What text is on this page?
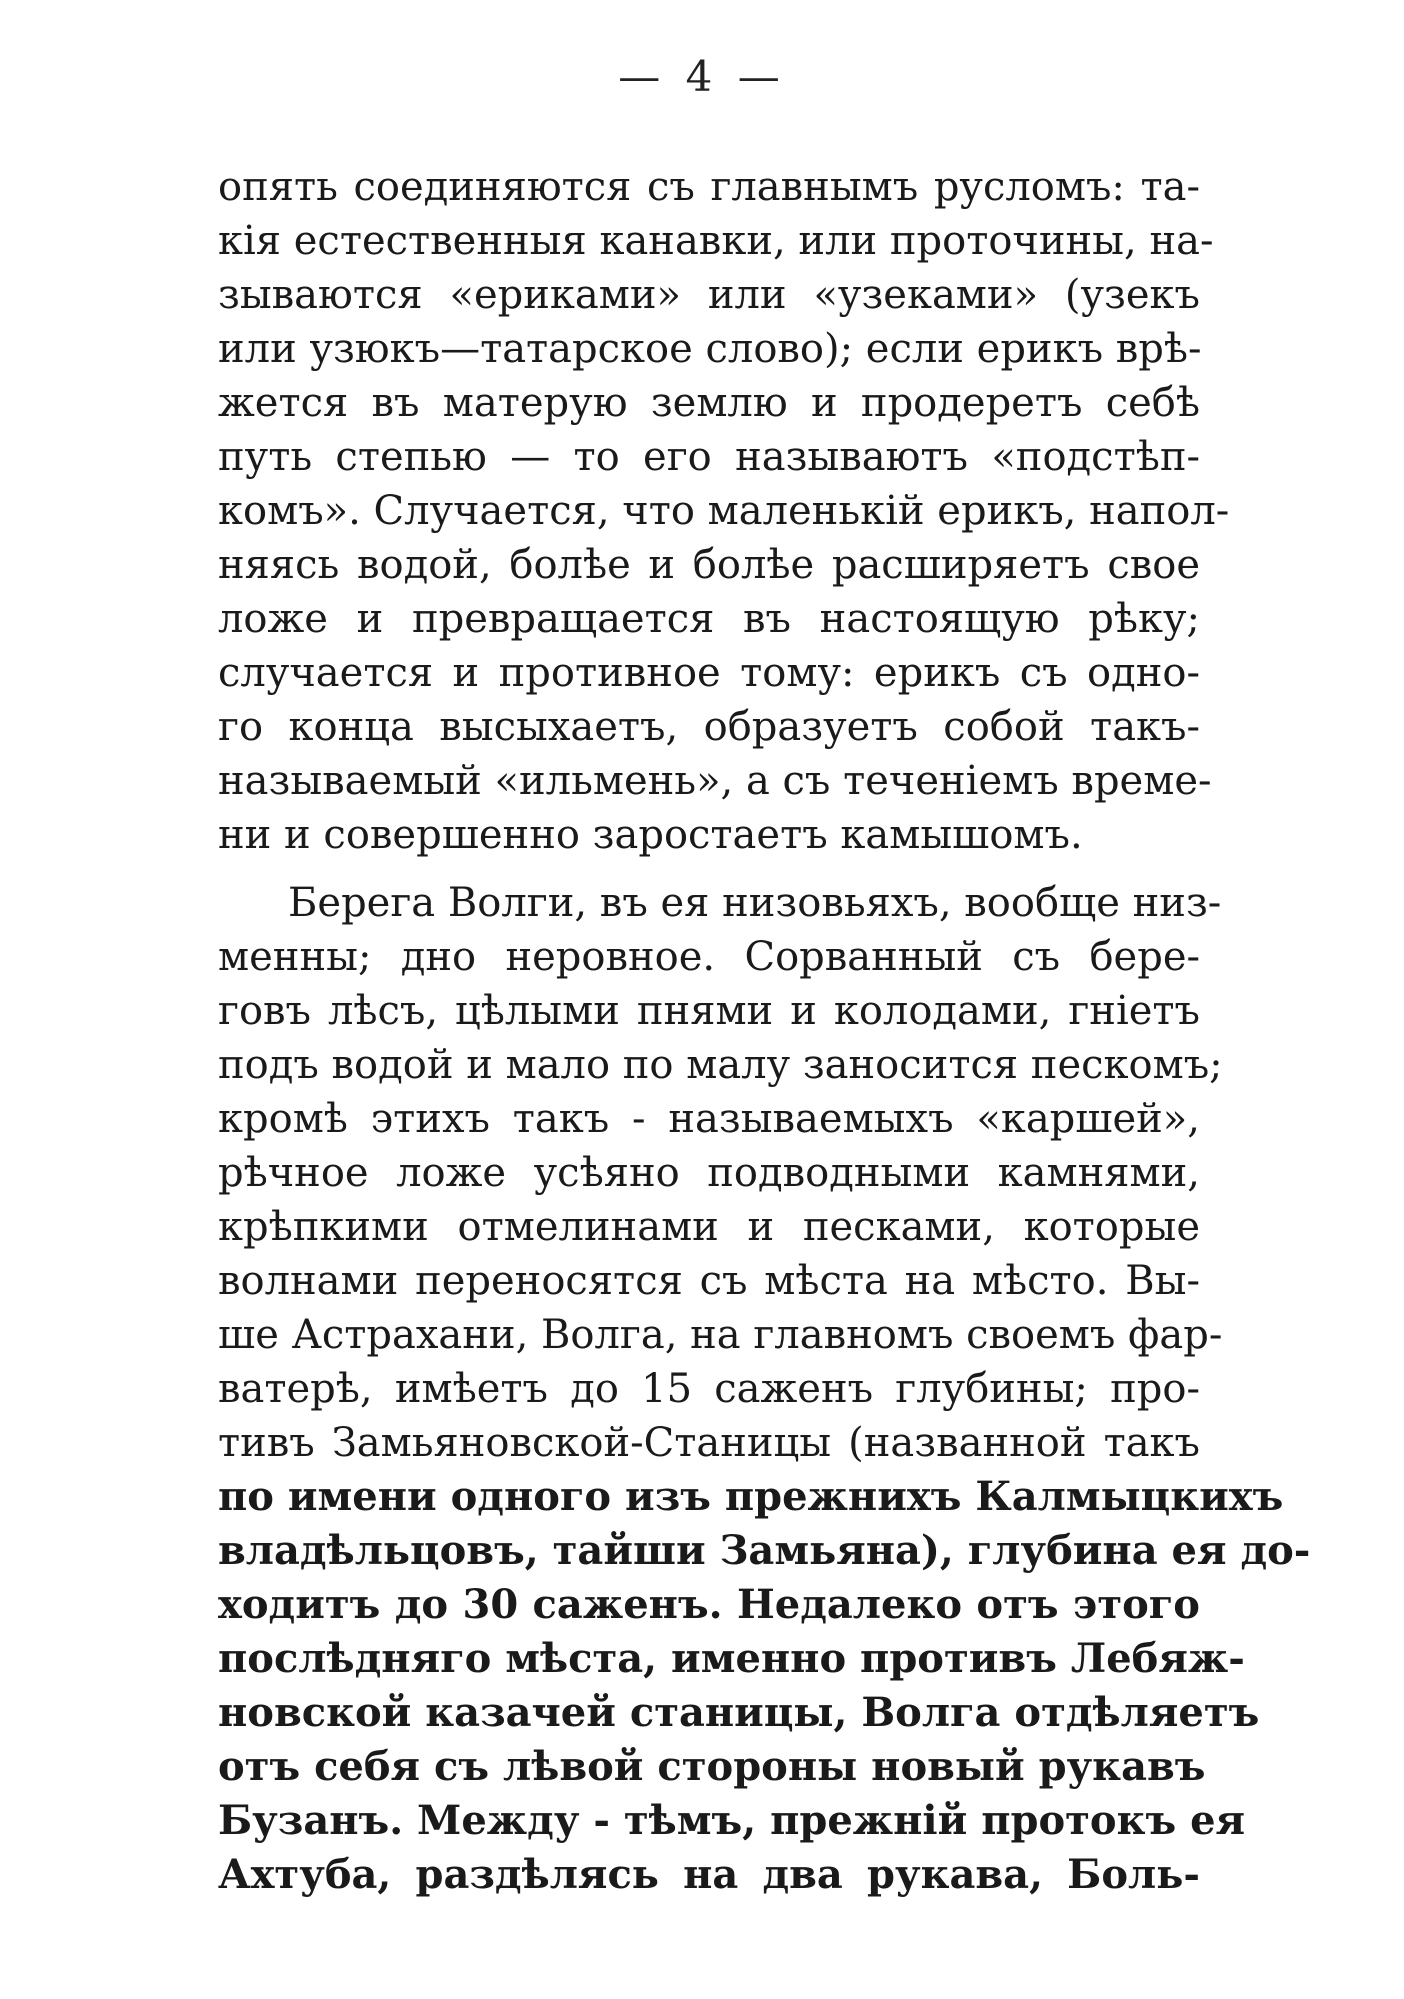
— 4 —
опять соединяются съ главнымъ русломъ: та-
кія естественныя канавки, или проточины, на-
зываются «ериками» или «узеками» (узекъ
или узюкъ—татарское слово); если ерикъ врѣ-
жется въ матерую землю и продеретъ себѣ
путь степью — то его называютъ «подстѣп-
комъ». Случается, что маленькій ерикъ, напол-
няясь водой, болѣе и болѣе расширяетъ свое
ложе и превращается въ настоящую рѣку;
случается и противное тому: ерикъ съ одно-
го конца высыхаетъ, образуетъ собой такъ-
называемый «ильмень», а съ теченіемъ време-
ни и совершенно заростаетъ камышомъ.
Берега Волги, въ ея низовьяхъ, вообще низ-
менны; дно неровное. Сорванный съ бере-
говъ лѣсъ, цѣлыми пнями и колодами, гніетъ
подъ водой и мало по малу заносится пескомъ;
кромѣ этихъ такъ - называемыхъ «каршей»,
рѣчное ложе усѣяно подводными камнями,
крѣпкими отмелинами и песками, которые
волнами переносятся съ мѣста на мѣсто. Вы-
ше Астрахани, Волга, на главномъ своемъ фар-
ватерѣ, имѣетъ до 15 саженъ глубины; про-
тивъ Замьяновской-Станицы (названной такъ
по имени одного изъ прежнихъ Калмыцкихъ
владѣльцовъ, тайши Замьяна), глубина ея до-
ходитъ до 30 саженъ. Недалеко отъ этого
послѣдняго мѣста, именно противъ Лебяж-
новской казачей станицы, Волга отдѣляетъ
отъ себя съ лѣвой стороны новый рукавъ
Бузанъ. Между - тѣмъ, прежній протокъ ея
Ахтуба, раздѣлясь на два рукава, Боль-
